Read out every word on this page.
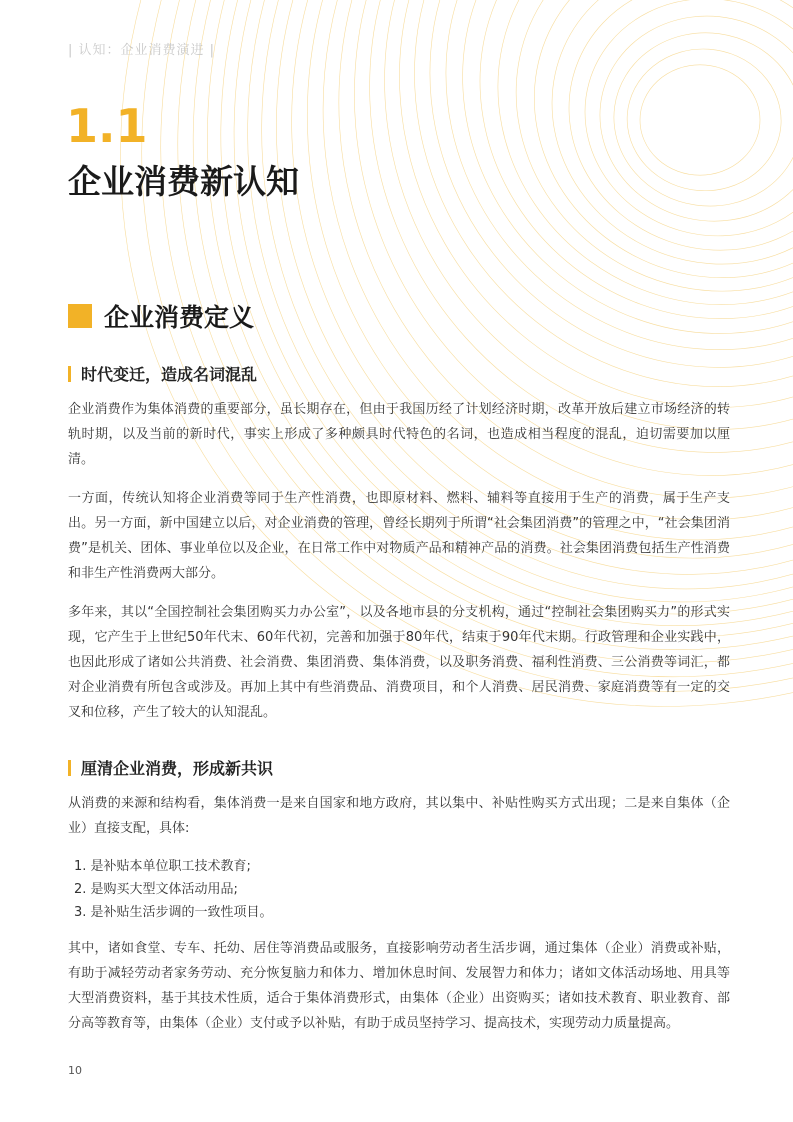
| 认知：企业消费演进 |
1.1
企业消费新认知
企业消费定义
时代变迁，造成名词混乱

企业消费作为集体消费的重要部分，虽长期存在，但由于我国历经了计划经济时期，改革开放后建立市场经济的转轨时期，以及当前的新时代，事实上形成了多种颇具时代特色的名词，也造成相当程度的混乱，迫切需要加以厘清。

一方面，传统认知将企业消费等同于生产性消费，也即原材料、燃料、辅料等直接用于生产的消费，属于生产支出。另一方面，新中国建立以后，对企业消费的管理，曾经长期列于所谓“社会集团消费”的管理之中，“社会集团消费”是机关、团体、事业单位以及企业，在日常工作中对物质产品和精神产品的消费。社会集团消费包括生产性消费和非生产性消费两大部分。

多年来，其以“全国控制社会集团购买力办公室”，以及各地市县的分支机构，通过“控制社会集团购买力”的形式实现，它产生于上世纪50年代末、60年代初，完善和加强于80年代，结束于90年代末期。行政管理和企业实践中，也因此形成了诸如公共消费、社会消费、集团消费、集体消费，以及职务消费、福利性消费、三公消费等词汇，都对企业消费有所包含或涉及。再加上其中有些消费品、消费项目，和个人消费、居民消费、家庭消费等有一定的交叉和位移，产生了较大的认知混乱。

厘清企业消费，形成新共识

从消费的来源和结构看，集体消费一是来自国家和地方政府，其以集中、补贴性购买方式出现；二是来自集体（企业）直接支配，具体:

1. 是补贴本单位职工技术教育;
2. 是购买大型文体活动用品;
3. 是补贴生活步调的一致性项目。

其中，诸如食堂、专车、托幼、居住等消费品或服务，直接影响劳动者生活步调，通过集体（企业）消费或补贴，有助于减轻劳动者家务劳动、充分恢复脑力和体力、增加休息时间、发展智力和体力；诸如文体活动场地、用具等大型消费资料，基于其技术性质，适合于集体消费形式，由集体（企业）出资购买；诸如技术教育、职业教育、部分高等教育等，由集体（企业）支付或予以补贴，有助于成员坚持学习、提高技术，实现劳动力质量提高。

10
